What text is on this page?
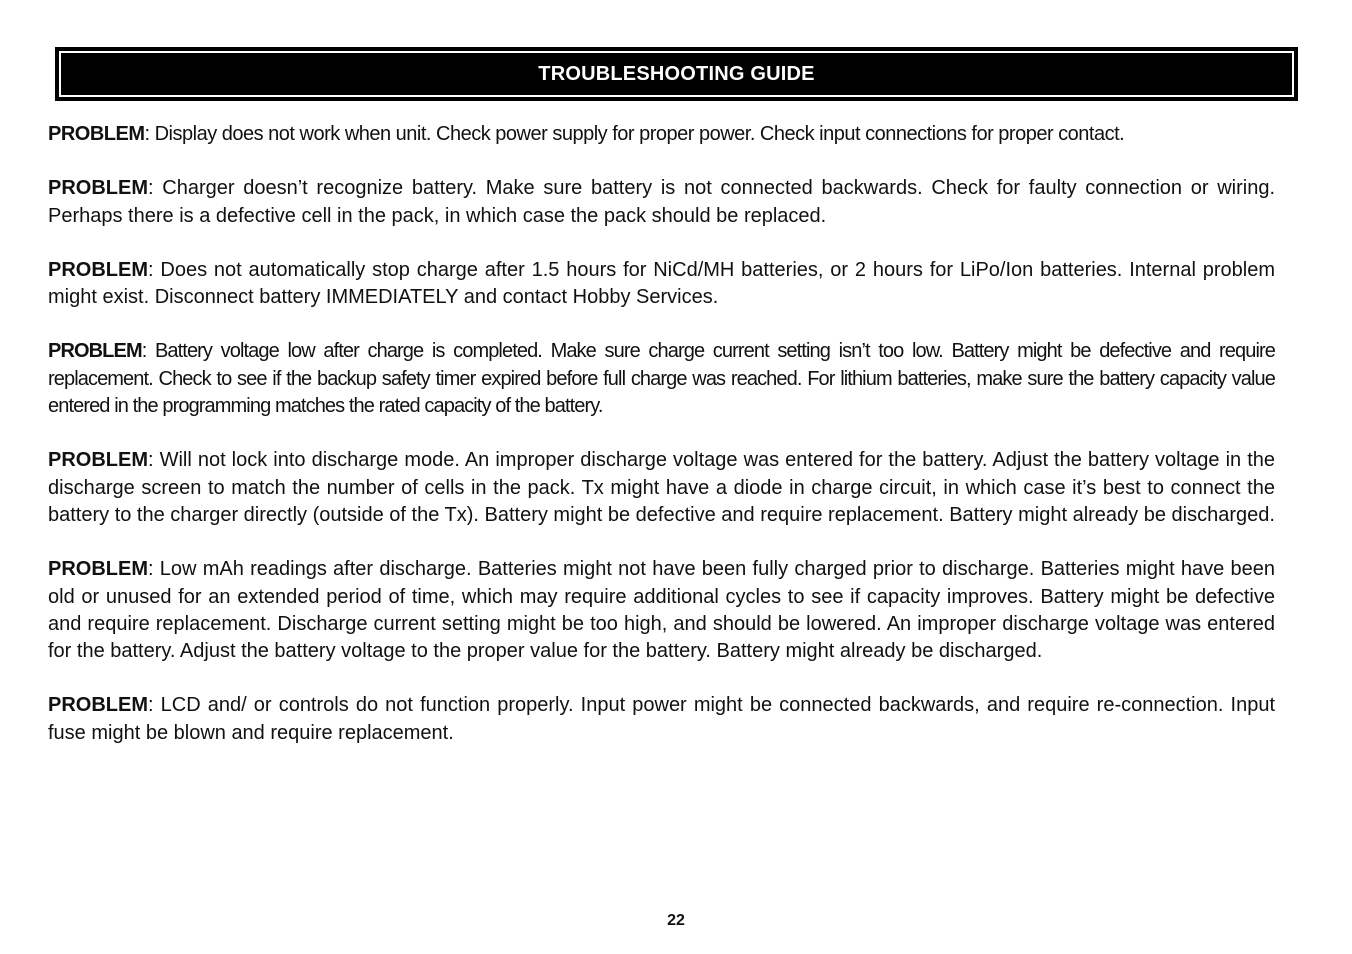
TROUBLESHOOTING GUIDE

PROBLEM: Display does not work when unit. Check power supply for proper power. Check input connections for proper contact.

PROBLEM: Charger doesn’t recognize battery. Make sure battery is not connected backwards. Check for faulty connection or wiring. Perhaps there is a defective cell in the pack, in which case the pack should be replaced.

PROBLEM: Does not automatically stop charge after 1.5 hours for NiCd/MH batteries, or 2 hours for LiPo/Ion batteries. Internal problem might exist. Disconnect battery IMMEDIATELY and contact Hobby Services.

PROBLEM: Battery voltage low after charge is completed. Make sure charge current setting isn’t too low. Battery might be defective and require replacement. Check to see if the backup safety timer expired before full charge was reached. For lithium batteries, make sure the battery capacity value entered in the programming matches the rated capacity of the battery.

PROBLEM: Will not lock into discharge mode. An improper discharge voltage was entered for the battery. Adjust the battery voltage in the discharge screen to match the number of cells in the pack. Tx might have a diode in charge circuit, in which case it’s best to connect the battery to the charger directly (outside of the Tx). Battery might be defective and require replacement. Battery might already be discharged.

PROBLEM: Low mAh readings after discharge. Batteries might not have been fully charged prior to discharge. Batteries might have been old or unused for an extended period of time, which may require additional cycles to see if capacity improves. Battery might be defective and require replacement. Discharge current setting might be too high, and should be lowered. An improper discharge voltage was entered for the battery. Adjust the battery voltage to the proper value for the battery. Battery might already be discharged.

PROBLEM: LCD and/ or controls do not function properly. Input power might be connected backwards, and require re-connection. Input fuse might be blown and require replacement.

22
